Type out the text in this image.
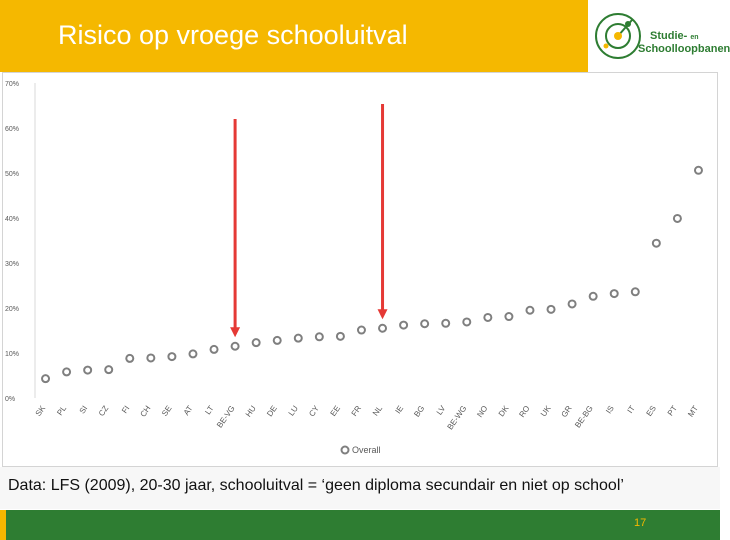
Risico op vroege schooluitval	Studie- en
Schoolloopbanen
0%
10%
20%
30%
40%
50%
60%
70%
SK PL SI CZ FI CH SE AT LT BE-VG HU DE LU CY EE FR NL IE BG LV
BE-WG NO DK RO UK GR BE-BG IS IT ES PT MT
Overall
Data: LFS (2009), 20-30 jaar, schooluitval = ‘geen diploma secundair en niet op school’
17
